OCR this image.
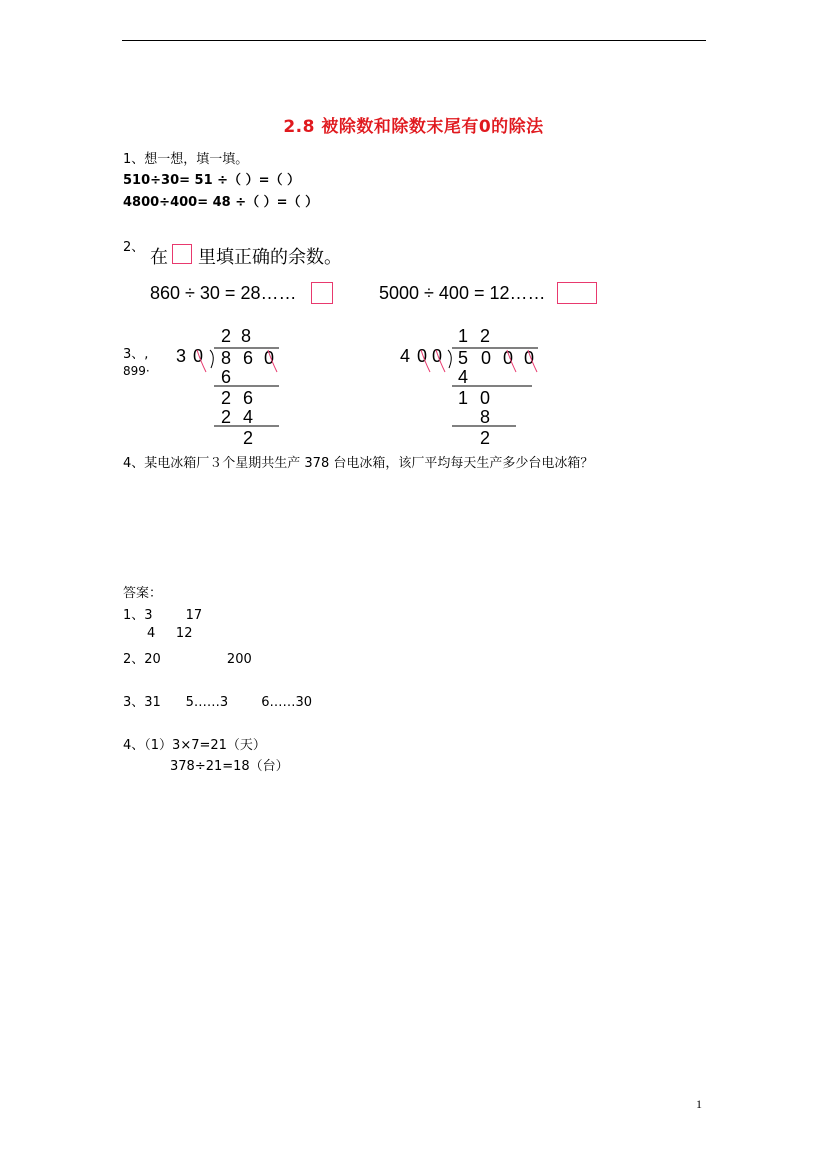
2.8 被除数和除数末尾有0的除法
1、想一想，填一填。
510÷30= 51 ÷（ ）=（ ）
4800÷400= 48 ÷（ ）=（ ）
2、 在 里填正确的余数。
860 ÷ 30 = 28……	5000 ÷ 400 = 12……
3、,
899·
2 8
3 0 8 6 0
6
2 6
2 4
2
1 2
4 0 0 5 0 0 0
4
1 0
8
2
4、某电冰箱厂３个星期共生产 378 台电冰箱，该厂平均每天生产多少台电冰箱？
答案：
1、3        17
4     12
2、20                200
3、31      5……3        6……30
4、（1）3×7=21（天）
378÷21=18（台）
1
